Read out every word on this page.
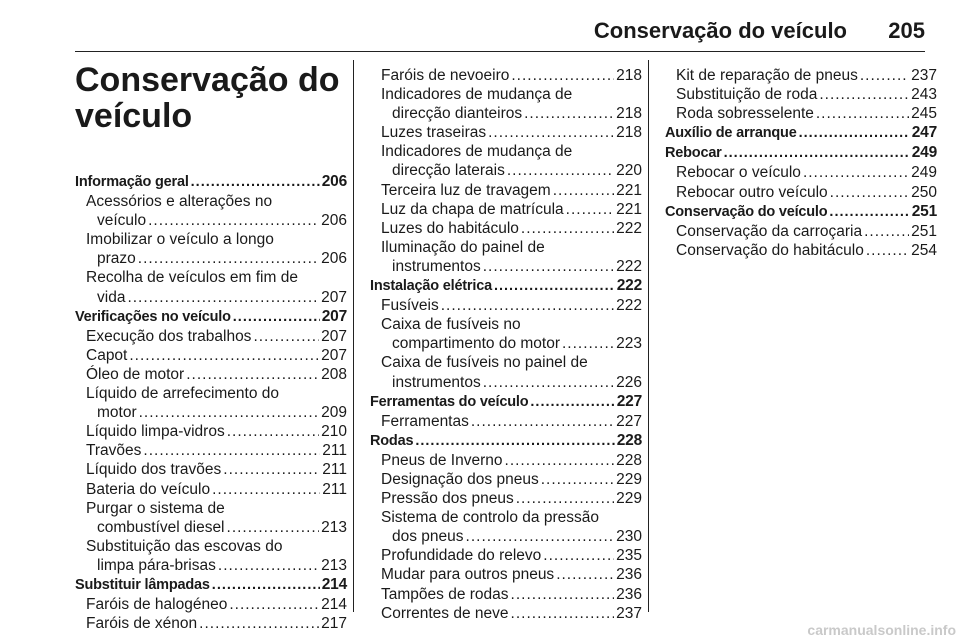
Conservação do veículo 205
Conservação do veículo
Informação geral .....	206
Acessórios e alterações no
veículo .....	206
Imobilizar o veículo a longo
prazo .....	206
Recolha de veículos em fim de
vida .....	207
Verificações no veículo .....	207
Execução dos trabalhos .....	207
Capot .....	207
Óleo de motor .....	208
Líquido de arrefecimento do
motor .....	209
Líquido limpa-vidros .....	210
Travões .....	211
Líquido dos travões .....	211
Bateria do veículo .....	211
Purgar o sistema de
combustível diesel .....	213
Substituição das escovas do
limpa pára-brisas .....	213
Substituir lâmpadas .....	214
Faróis de halogéneo .....	214
Faróis de xénon .....	217
Faróis de nevoeiro .....	218
Indicadores de mudança de
direcção dianteiros .....	218
Luzes traseiras .....	218
Indicadores de mudança de
direcção laterais .....	220
Terceira luz de travagem .....	221
Luz da chapa de matrícula .....	221
Luzes do habitáculo .....	222
Iluminação do painel de
instrumentos .....	222
Instalação elétrica .....	222
Fusíveis .....	222
Caixa de fusíveis no
compartimento do motor .....	223
Caixa de fusíveis no painel de
instrumentos .....	226
Ferramentas do veículo .....	227
Ferramentas .....	227
Rodas .....	228
Pneus de Inverno .....	228
Designação dos pneus .....	229
Pressão dos pneus .....	229
Sistema de controlo da pressão
dos pneus .....	230
Profundidade do relevo .....	235
Mudar para outros pneus .....	236
Tampões de rodas .....	236
Correntes de neve .....	237
Kit de reparação de pneus .....	237
Substituição de roda .....	243
Roda sobresselente .....	245
Auxílio de arranque .....	247
Rebocar .....	249
Rebocar o veículo .....	249
Rebocar outro veículo .....	250
Conservação do veículo .....	251
Conservação da carroçaria .....	251
Conservação do habitáculo .....	254
carmanualsonline.info
